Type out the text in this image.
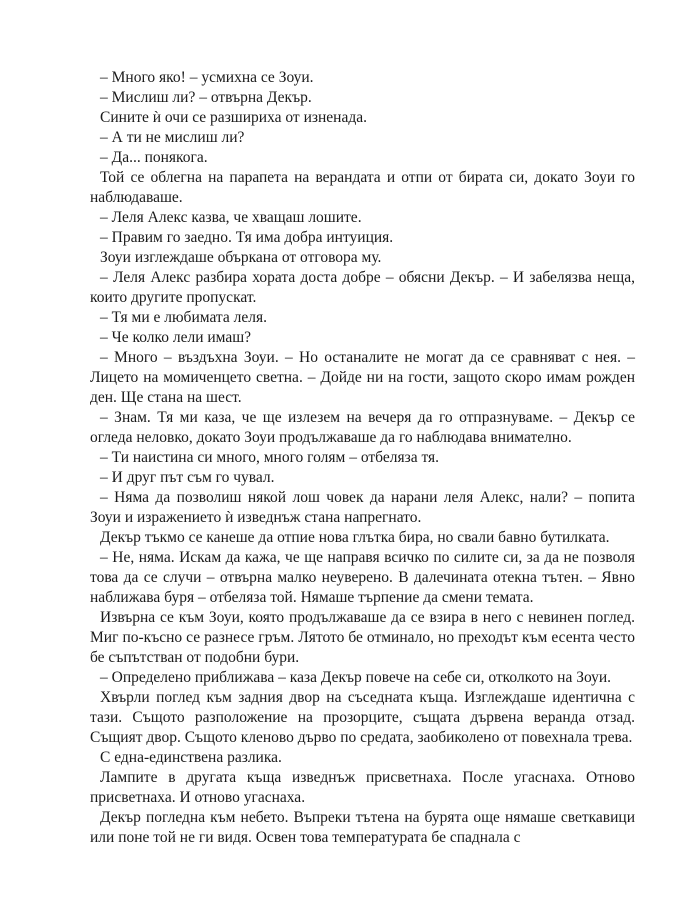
– Много яко! – усмихна се Зоуи.

– Мислиш ли? – отвърна Декър.

Сините ѝ очи се разшириха от изненада.

– А ти не мислиш ли?

– Да... понякога.

Той се облегна на парапета на верандата и отпи от бирата си, докато Зоуи го наблюдаваше.

– Леля Алекс казва, че хващаш лошите.

– Правим го заедно. Тя има добра интуиция.

Зоуи изглеждаше объркана от отговора му.

– Леля Алекс разбира хората доста добре – обясни Декър. – И забелязва неща, които другите пропускат.

– Тя ми е любимата леля.

– Че колко лели имаш?

– Много – въздъхна Зоуи. – Но останалите не могат да се сравняват с нея. – Лицето на момиченцето светна. – Дойде ни на гости, защото скоро имам рожден ден. Ще стана на шест.

– Знам. Тя ми каза, че ще излезем на вечеря да го отпразнуваме. – Декър се огледа неловко, докато Зоуи продължаваше да го наблюдава внимателно.

– Ти наистина си много, много голям – отбеляза тя.

– И друг път съм го чувал.

– Няма да позволиш някой лош човек да нарани леля Алекс, нали? – попита Зоуи и изражението ѝ изведнъж стана напрегнато.

Декър тъкмо се канеше да отпие нова глътка бира, но свали бавно бутилката.

– Не, няма. Искам да кажа, че ще направя всичко по силите си, за да не позволя това да се случи – отвърна малко неуверено. В далечината отекна тътен. – Явно наближава буря – отбеляза той. Нямаше търпение да смени темата.

Извърна се към Зоуи, която продължаваше да се взира в него с невинен поглед. Миг по-късно се разнесе гръм. Лятото бе отминало, но преходът към есента често бе съпътстван от подобни бури.

– Определено приближава – каза Декър повече на себе си, отколкото на Зоуи.

Хвърли поглед към задния двор на съседната къща. Изглеждаше идентична с тази. Същото разположение на прозорците, същата дървена веранда отзад. Същият двор. Същото кленово дърво по средата, заобиколено от повехнала трева.

С една-единствена разлика.

Лампите в другата къща изведнъж присветнаха. После угаснаха. Отново присветнаха. И отново угаснаха.

Декър погледна към небето. Въпреки тътена на бурята още нямаше светкавици или поне той не ги видя. Освен това температурата бе спаднала с
